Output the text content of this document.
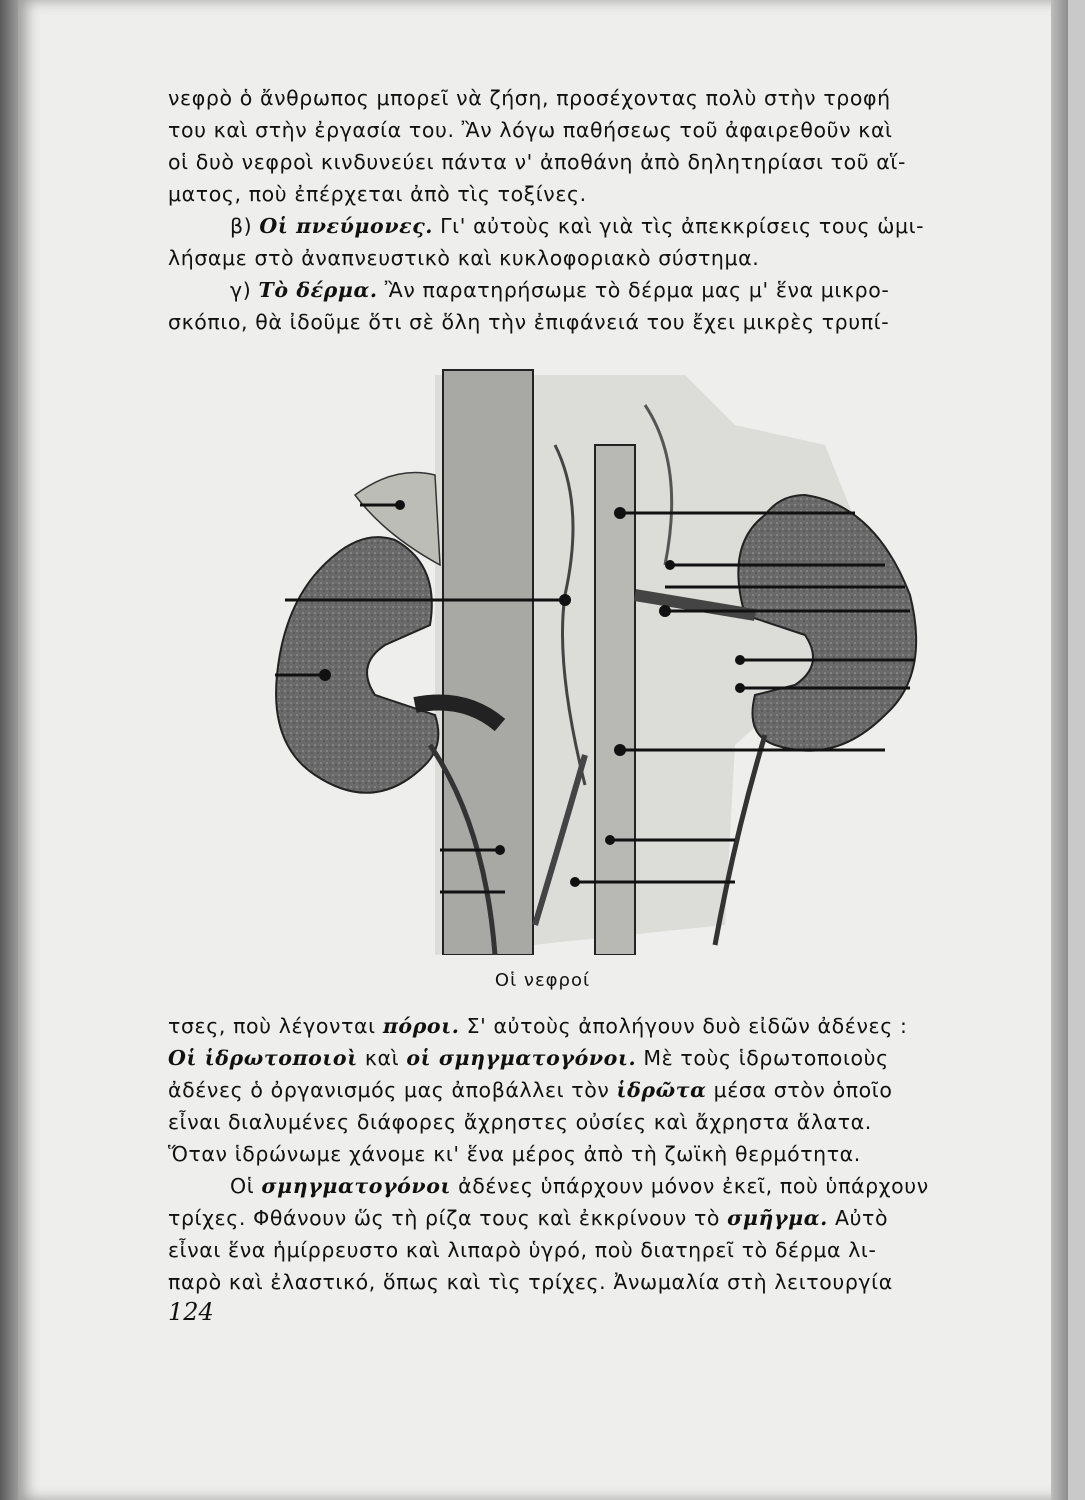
νεφρὸ ὁ ἄνθρωπος μπορεῖ νὰ ζήση, προσέχοντας πολὺ στὴν τροφή
του καὶ στὴν ἐργασία του. Ἂν λόγω παθήσεως τοῦ ἀφαιρεθοῦν καὶ
οἱ δυὸ νεφροὶ κινδυνεύει πάντα ν' ἀποθάνη ἀπὸ δηλητηρίασι τοῦ αἵ-
ματος, ποὺ ἐπέρχεται ἀπὸ τὶς τοξίνες.
β) Οἱ πνεύμονες. Γι' αὐτοὺς καὶ γιὰ τὶς ἀπεκκρίσεις τους ὡμι-
λήσαμε στὸ ἀναπνευστικὸ καὶ κυκλοφοριακὸ σύστημα.
γ) Τὸ δέρμα. Ἂν παρατηρήσωμε τὸ δέρμα μας μ' ἕνα μικρο-
σκόπιο, θὰ ἰδοῦμε ὅτι σὲ ὅλη τὴν ἐπιφάνειά του ἔχει μικρὲς τρυπί-
Οἱ νεφροί
τσες, ποὺ λέγονται πόροι. Σ' αὐτοὺς ἀπολήγουν δυὸ εἰδῶν ἀδένες :
Οἱ ἱδρωτοποιοὶ καὶ οἱ σμηγματογόνοι. Μὲ τοὺς ἱδρωτοποιοὺς
ἀδένες ὁ ὀργανισμός μας ἀποβάλλει τὸν ἱδρῶτα μέσα στὸν ὁποῖο
εἶναι διαλυμένες διάφορες ἄχρηστες οὐσίες καὶ ἄχρηστα ἅλατα.
Ὅταν ἱδρώνωμε χάνομε κι' ἕνα μέρος ἀπὸ τὴ ζωϊκὴ θερμότητα.
Οἱ σμηγματογόνοι ἀδένες ὑπάρχουν μόνον ἐκεῖ, ποὺ ὑπάρχουν
τρίχες. Φθάνουν ὥς τὴ ρίζα τους καὶ ἐκκρίνουν τὸ σμῆγμα. Αὐτὸ
εἶναι ἕνα ἡμίρρευστο καὶ λιπαρὸ ὑγρό, ποὺ διατηρεῖ τὸ δέρμα λι-
παρὸ καὶ ἐλαστικό, ὅπως καὶ τὶς τρίχες. Ἀνωμαλία στὴ λειτουργία
124
